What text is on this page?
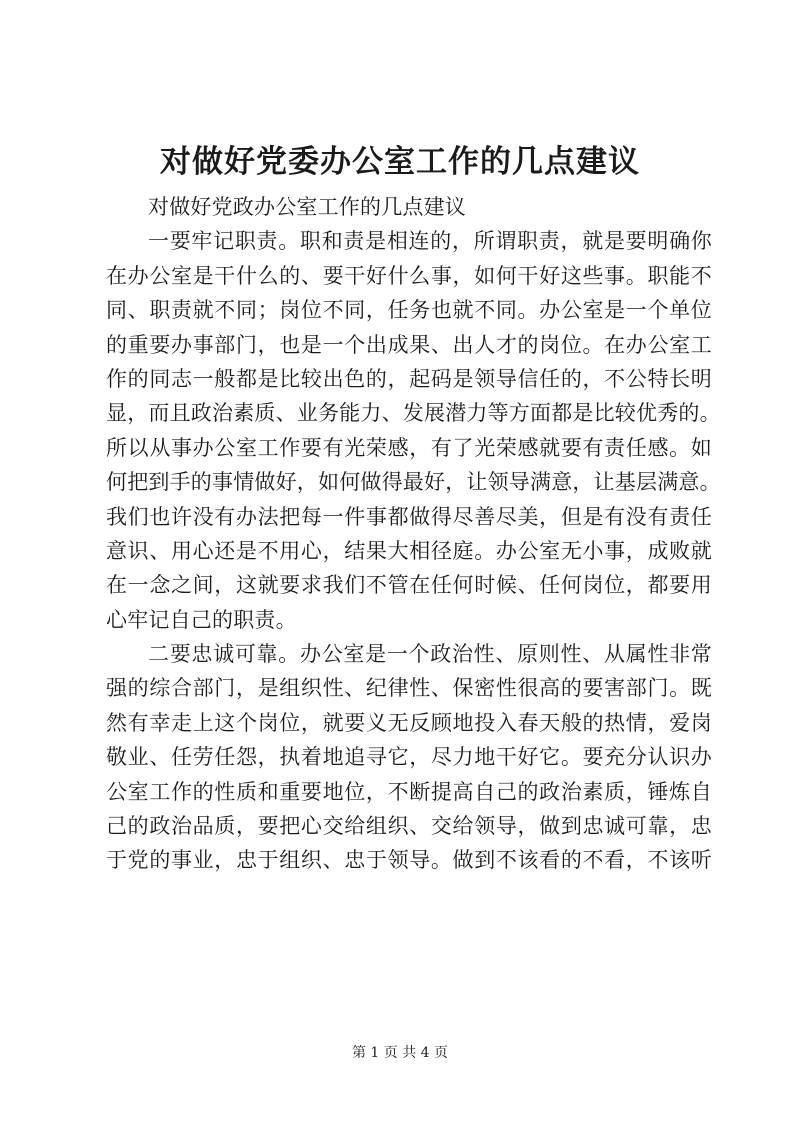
对做好党委办公室工作的几点建议
对做好党政办公室工作的几点建议
一要牢记职责。职和责是相连的，所谓职责，就是要明确你
在办公室是干什么的、要干好什么事，如何干好这些事。职能不
同、职责就不同；岗位不同，任务也就不同。办公室是一个单位
的重要办事部门，也是一个出成果、出人才的岗位。在办公室工
作的同志一般都是比较出色的，起码是领导信任的，不公特长明
显，而且政治素质、业务能力、发展潜力等方面都是比较优秀的。
所以从事办公室工作要有光荣感，有了光荣感就要有责任感。如
何把到手的事情做好，如何做得最好，让领导满意，让基层满意。
我们也许没有办法把每一件事都做得尽善尽美，但是有没有责任
意识、用心还是不用心，结果大相径庭。办公室无小事，成败就
在一念之间，这就要求我们不管在任何时候、任何岗位，都要用
心牢记自己的职责。
二要忠诚可靠。办公室是一个政治性、原则性、从属性非常
强的综合部门，是组织性、纪律性、保密性很高的要害部门。既
然有幸走上这个岗位，就要义无反顾地投入春天般的热情，爱岗
敬业、任劳任怨，执着地追寻它，尽力地干好它。要充分认识办
公室工作的性质和重要地位，不断提高自己的政治素质，锤炼自
己的政治品质，要把心交给组织、交给领导，做到忠诚可靠，忠
于党的事业，忠于组织、忠于领导。做到不该看的不看，不该听
第 1 页 共 4 页
